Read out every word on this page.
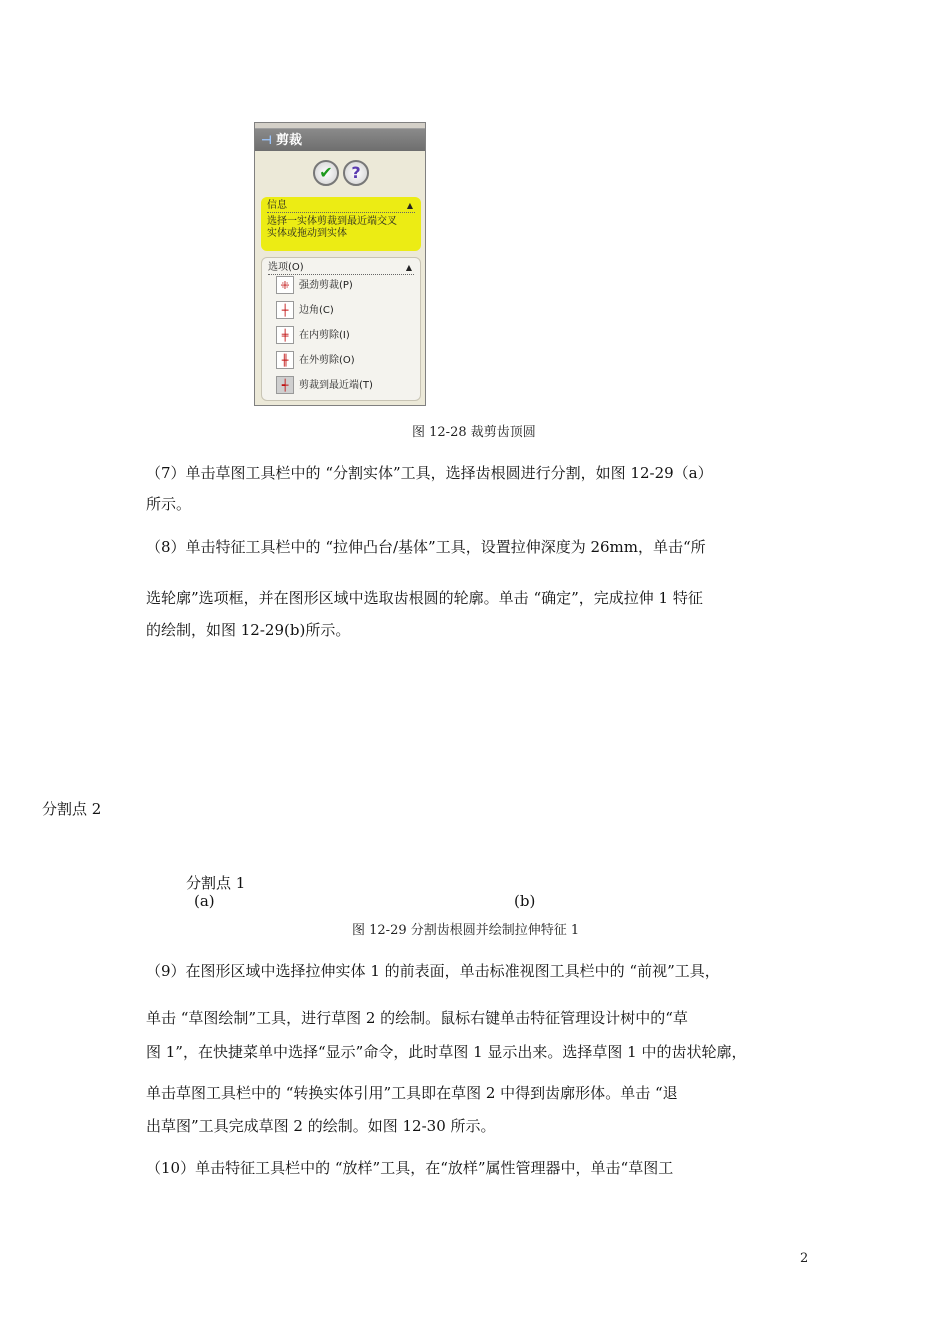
⊣ 剪裁
✔	?
信息	▲
选择一实体剪裁到最近端交叉
实体或拖动到实体
选项(O)	▲
⁜ 强劲剪裁(P)
┼ 边角(C)
╪ 在内剪除(I)
╫ 在外剪除(O)
┽ 剪裁到最近端(T)
图 12-28 裁剪齿顶圆
（7）单击草图工具栏中的 “分割实体”工具，选择齿根圆进行分割，如图 12-29（a）
所示。
（8）单击特征工具栏中的 “拉伸凸台/基体”工具，设置拉伸深度为 26mm，单击“所
选轮廓”选项框，并在图形区域中选取齿根圆的轮廓。单击 “确定”，完成拉伸 1 特征
的绘制，如图 12-29(b)所示。
分割点 2
分割点 1
(a)	(b)
图 12-29 分割齿根圆并绘制拉伸特征 1
（9）在图形区域中选择拉伸实体 1 的前表面，单击标准视图工具栏中的 “前视”工具，
单击 “草图绘制”工具，进行草图 2 的绘制。鼠标右键单击特征管理设计树中的“草
图 1”，在快捷菜单中选择“显示”命令，此时草图 1 显示出来。选择草图 1 中的齿状轮廓，
单击草图工具栏中的 “转换实体引用”工具即在草图 2 中得到齿廓形体。单击 “退
出草图”工具完成草图 2 的绘制。如图 12-30 所示。
（10）单击特征工具栏中的 “放样”工具，在“放样”属性管理器中，单击“草图工
2
